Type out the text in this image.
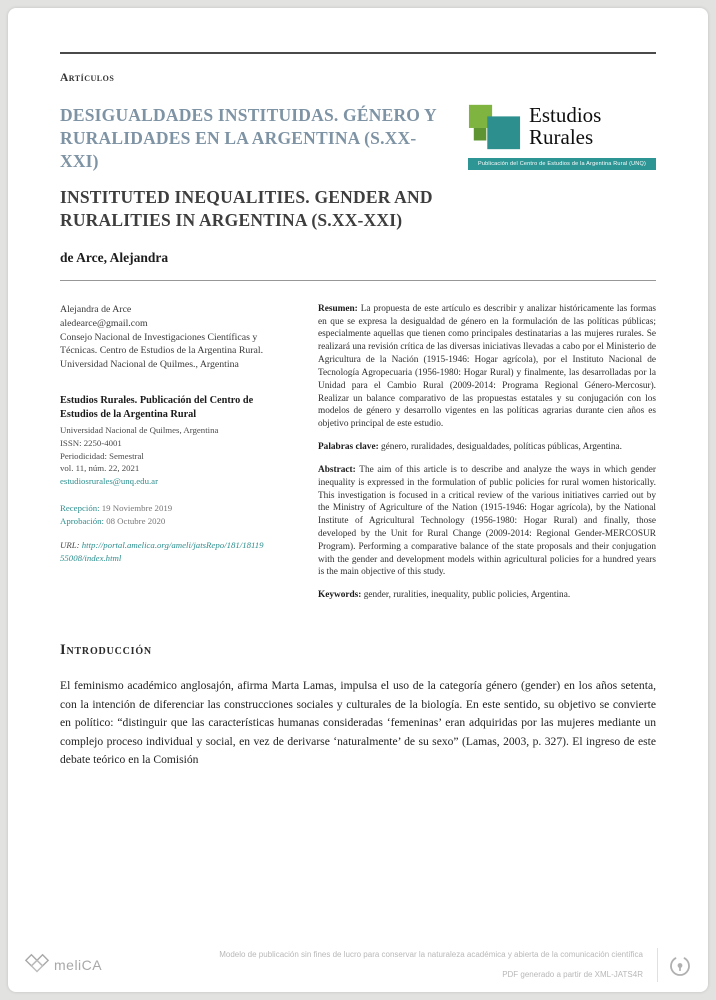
Artículos
DESIGUALDADES INSTITUIDAS. GÉNERO Y RURALIDADES EN LA ARGENTINA (S.XX-XXI)
INSTITUTED INEQUALITIES. GENDER AND RURALITIES IN ARGENTINA (S.XX-XXI)
de Arce, Alejandra
Estudios
Rurales
Publicación del Centro de Estudios de la Argentina Rural (UNQ)
Alejandra de Arce
aledearce@gmail.com
Consejo Nacional de Investigaciones Científicas y Técnicas. Centro de Estudios de la Argentina Rural. Universidad Nacional de Quilmes., Argentina
Estudios Rurales. Publicación del Centro de Estudios de la Argentina Rural
Universidad Nacional de Quilmes, Argentina
ISSN: 2250-4001
Periodicidad: Semestral
vol. 11, núm. 22, 2021
estudiosrurales@unq.edu.ar
Recepción: 19 Noviembre 2019
Aprobación: 08 Octubre 2020
URL: http://portal.amelica.org/ameli/jatsRepo/181/1811955008/index.html

Resumen: La propuesta de este artículo es describir y analizar históricamente las formas en que se expresa la desigualdad de género en la formulación de las políticas públicas; especialmente aquellas que tienen como principales destinatarias a las mujeres rurales. Se realizará una revisión crítica de las diversas iniciativas llevadas a cabo por el Ministerio de Agricultura de la Nación (1915-1946: Hogar agrícola), por el Instituto Nacional de Tecnología Agropecuaria (1956-1980: Hogar Rural) y finalmente, las desarrolladas por la Unidad para el Cambio Rural (2009-2014: Programa Regional Género-Mercosur). Realizar un balance comparativo de las propuestas estatales y su conjugación con los modelos de género y desarrollo vigentes en las políticas agrarias durante cien años es objetivo principal de este estudio.

Palabras clave: género, ruralidades, desigualdades, políticas públicas, Argentina.

Abstract: The aim of this article is to describe and analyze the ways in which gender inequality is expressed in the formulation of public policies for rural women historically. This investigation is focused in a critical review of the various initiatives carried out by the Ministry of Agriculture of the Nation (1915-1946: Hogar agrícola), by the National Institute of Agricultural Technology (1956-1980: Hogar Rural) and finally, those developed by the Unit for Rural Change (2009-2014: Regional Gender-MERCOSUR Program). Performing a comparative balance of the state proposals and their conjugation with the gender and development models within agricultural policies for a hundred years is the main objective of this study.

Keywords: gender, ruralities, inequality, public policies, Argentina.

Introducción

El feminismo académico anglosajón, afirma Marta Lamas, impulsa el uso de la categoría género (gender) en los años setenta, con la intención de diferenciar las construcciones sociales y culturales de la biología. En este sentido, su objetivo se convierte en político: “distinguir que las características humanas consideradas ‘femeninas’ eran adquiridas por las mujeres mediante un complejo proceso individual y social, en vez de derivarse ‘naturalmente’ de su sexo” (Lamas, 2003, p. 327). El ingreso de este debate teórico en la Comisión

meliCA
Modelo de publicación sin fines de lucro para conservar la naturaleza académica y abierta de la comunicación científica
PDF generado a partir de XML-JATS4R
